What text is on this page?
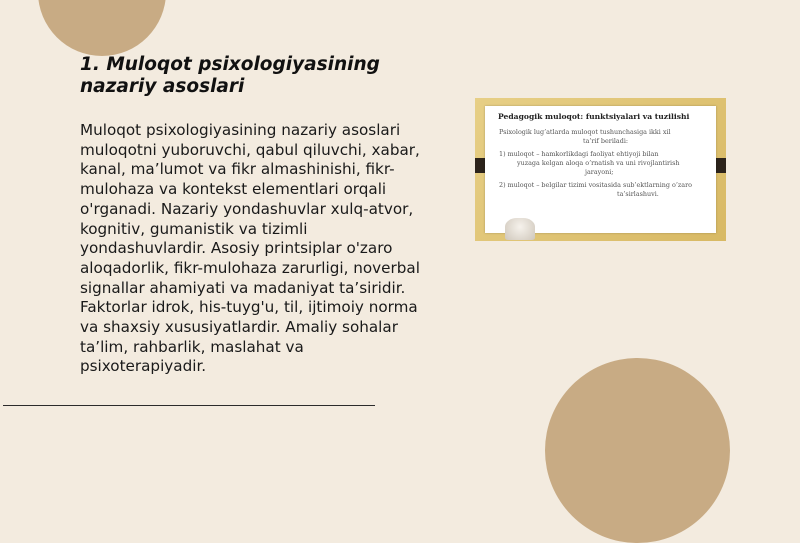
1. Muloqot psixologiyasining nazariy asoslari

Muloqot psixologiyasining nazariy asoslari muloqotni yuboruvchi, qabul qiluvchi, xabar, kanal, ma’lumot va fikr almashinishi, fikr-mulohaza va kontekst elementlari orqali o'rganadi. Nazariy yondashuvlar xulq-atvor, kognitiv, gumanistik va tizimli yondashuvlardir. Asosiy printsiplar o'zaro aloqadorlik, fikr-mulohaza zarurligi, noverbal signallar ahamiyati va madaniyat ta’siridir. Faktorlar idrok, his-tuyg'u, til, ijtimoiy norma va shaxsiy xususiyatlardir. Amaliy sohalar ta’lim, rahbarlik, maslahat va psixoterapiyadir.

Pedagogik muloqot: funktsiyalari va tuzilishi
Psixologik lug’atlarda muloqot tushunchasiga ikki xil
ta’rif beriladi:
1) muloqot – hamkorlikdagi faoliyat ehtiyoji bilan
yuzaga kelgan aloqa o’rnatish va uni rivojlantirish
jarayoni;
2) muloqot – belgilar tizimi vositasida sub’ektlarning o’zaro
ta’sirlashuvi.
